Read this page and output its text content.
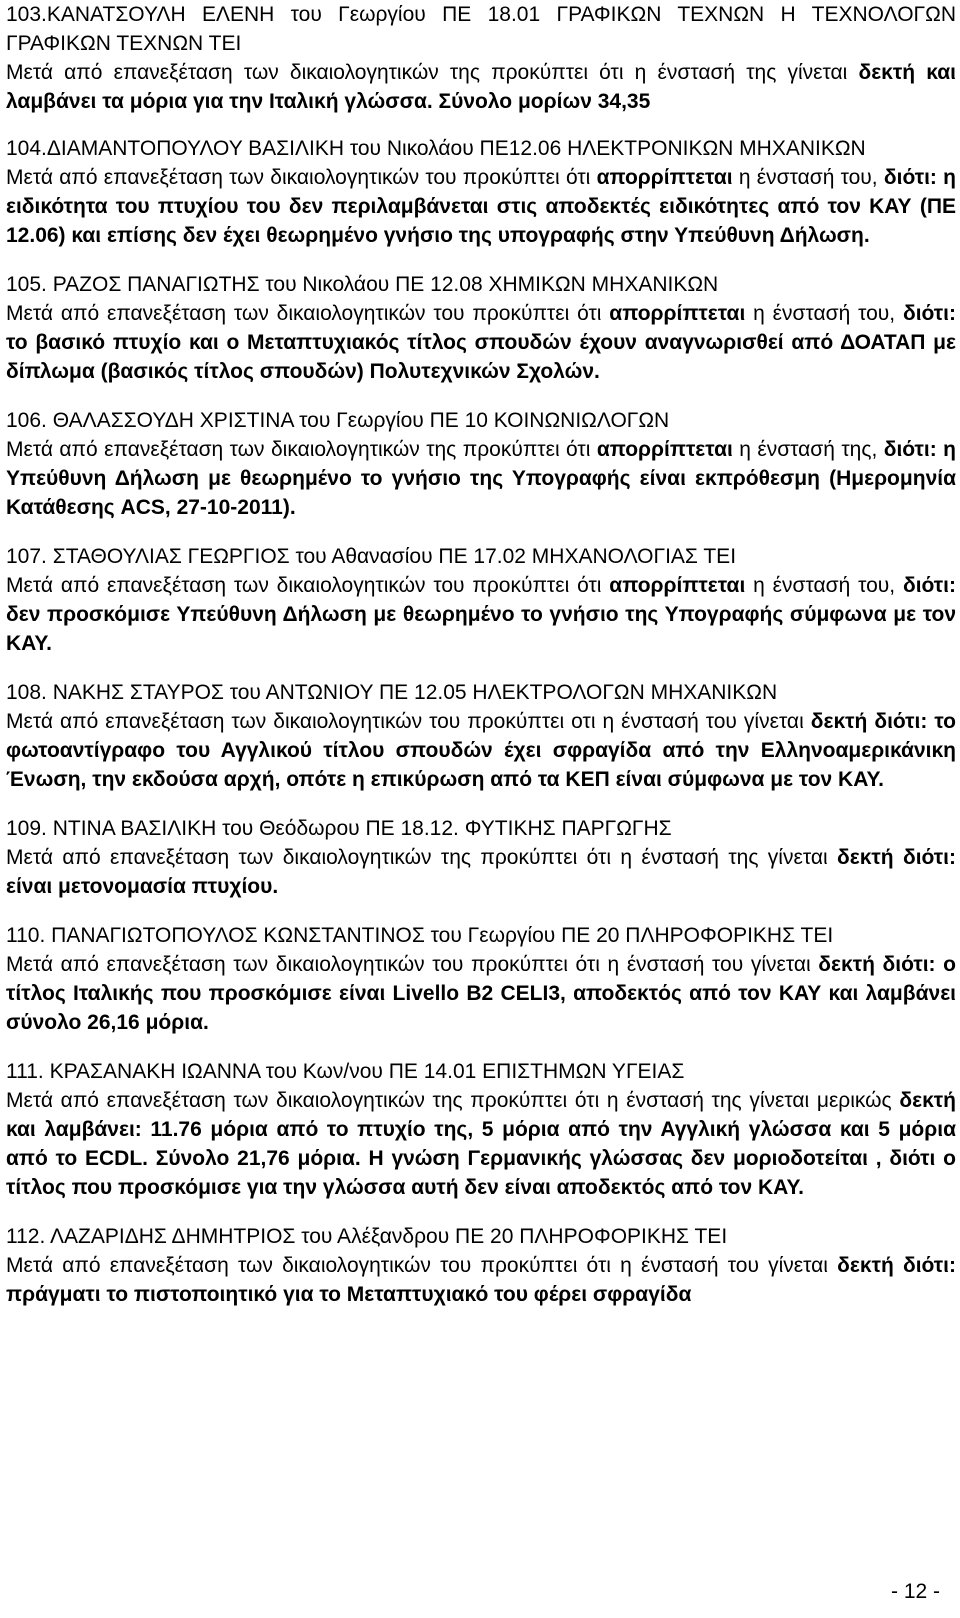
103.ΚΑΝΑΤΣΟΥΛΗ ΕΛΕΝΗ του Γεωργίου ΠΕ 18.01 ΓΡΑΦΙΚΩΝ ΤΕΧΝΩΝ Η ΤΕΧΝΟΛΟΓΩΝ ΓΡΑΦΙΚΩΝ ΤΕΧΝΩΝ ΤΕΙ
Μετά από επανεξέταση των δικαιολογητικών της προκύπτει ότι η ένστασή της γίνεται δεκτή και λαμβάνει τα μόρια για την Ιταλική γλώσσα. Σύνολο μορίων 34,35
104.ΔΙΑΜΑΝΤΟΠΟΥΛΟΥ ΒΑΣΙΛΙΚΗ του Νικολάου ΠΕ12.06 ΗΛΕΚΤΡΟΝΙΚΩΝ ΜΗΧΑΝΙΚΩΝ
Μετά από επανεξέταση των δικαιολογητικών του προκύπτει ότι απορρίπτεται η ένστασή του, διότι: η ειδικότητα του πτυχίου του δεν περιλαμβάνεται στις αποδεκτές ειδικότητες από τον ΚΑΥ (ΠΕ 12.06) και επίσης δεν έχει θεωρημένο γνήσιο της υπογραφής στην Υπεύθυνη Δήλωση.
105. ΡΑΖΟΣ ΠΑΝΑΓΙΩΤΗΣ του Νικολάου ΠΕ 12.08 ΧΗΜΙΚΩΝ ΜΗΧΑΝΙΚΩΝ
Μετά από επανεξέταση των δικαιολογητικών του προκύπτει ότι απορρίπτεται η ένστασή του, διότι: το βασικό πτυχίο και ο Μεταπτυχιακός τίτλος σπουδών έχουν αναγνωρισθεί από ΔΟΑΤΑΠ με δίπλωμα (βασικός τίτλος σπουδών) Πολυτεχνικών Σχολών.
106. ΘΑΛΑΣΣΟΥΔΗ ΧΡΙΣΤΙΝΑ του Γεωργίου ΠΕ 10 ΚΟΙΝΩΝΙΩΛΟΓΩΝ
Μετά από επανεξέταση των δικαιολογητικών της προκύπτει ότι απορρίπτεται η ένστασή της, διότι: η Υπεύθυνη Δήλωση με θεωρημένο το γνήσιο της Υπογραφής είναι εκπρόθεσμη (Ημερομηνία Κατάθεσης ACS, 27-10-2011).
107. ΣΤΑΘΟΥΛΙΑΣ ΓΕΩΡΓΙΟΣ του Αθανασίου ΠΕ 17.02 ΜΗΧΑΝΟΛΟΓΙΑΣ ΤΕΙ
Μετά από επανεξέταση των δικαιολογητικών του προκύπτει ότι απορρίπτεται η ένστασή του, διότι: δεν προσκόμισε Υπεύθυνη Δήλωση με θεωρημένο το γνήσιο της Υπογραφής σύμφωνα με τον ΚΑΥ.
108. ΝΑΚΗΣ ΣΤΑΥΡΟΣ του ΑΝΤΩΝΙΟΥ ΠΕ 12.05 ΗΛΕΚΤΡΟΛΟΓΩΝ ΜΗΧΑΝΙΚΩΝ
Μετά από επανεξέταση των δικαιολογητικών του προκύπτει οτι η ένστασή του γίνεται δεκτή διότι: το φωτοαντίγραφο του Αγγλικού τίτλου σπουδών έχει σφραγίδα από την Ελληνοαμερικάνικη Ένωση, την εκδούσα αρχή, οπότε η επικύρωση από τα ΚΕΠ είναι σύμφωνα με τον ΚΑΥ.
109. ΝΤΙΝΑ ΒΑΣΙΛΙΚΗ του Θεόδωρου ΠΕ 18.12. ΦΥΤΙΚΗΣ ΠΑΡΓΩΓΗΣ
Μετά από επανεξέταση των δικαιολογητικών της προκύπτει ότι η ένστασή της γίνεται δεκτή διότι: είναι μετονομασία πτυχίου.
110. ΠΑΝΑΓΙΩΤΟΠΟΥΛΟΣ ΚΩΝΣΤΑΝΤΙΝΟΣ του Γεωργίου ΠΕ 20 ΠΛΗΡΟΦΟΡΙΚΗΣ ΤΕΙ
Μετά από επανεξέταση των δικαιολογητικών του προκύπτει ότι η ένστασή του γίνεται δεκτή διότι: ο τίτλος Ιταλικής που προσκόμισε είναι Livello B2 CELI3, αποδεκτός από τον ΚΑΥ και λαμβάνει σύνολο 26,16 μόρια.
111. ΚΡΑΣΑΝΑΚΗ ΙΩΑΝΝΑ του Κων/νου ΠΕ 14.01 ΕΠΙΣΤΗΜΩΝ ΥΓΕΙΑΣ
Μετά από επανεξέταση των δικαιολογητικών της προκύπτει ότι η ένστασή της γίνεται μερικώς δεκτή και λαμβάνει: 11.76 μόρια από το πτυχίο της, 5 μόρια από την Αγγλική γλώσσα και 5 μόρια από το ECDL. Σύνολο 21,76 μόρια. Η γνώση Γερμανικής γλώσσας δεν μοριοδοτείται , διότι ο τίτλος που προσκόμισε για την γλώσσα αυτή δεν είναι αποδεκτός από τον ΚΑΥ.
112. ΛΑΖΑΡΙΔΗΣ ΔΗΜΗΤΡΙΟΣ του Αλέξανδρου ΠΕ 20 ΠΛΗΡΟΦΟΡΙΚΗΣ ΤΕΙ
Μετά από επανεξέταση των δικαιολογητικών του προκύπτει ότι η ένστασή του γίνεται δεκτή διότι: πράγματι το πιστοποιητικό για το Μεταπτυχιακό του φέρει σφραγίδα
- 12 -
